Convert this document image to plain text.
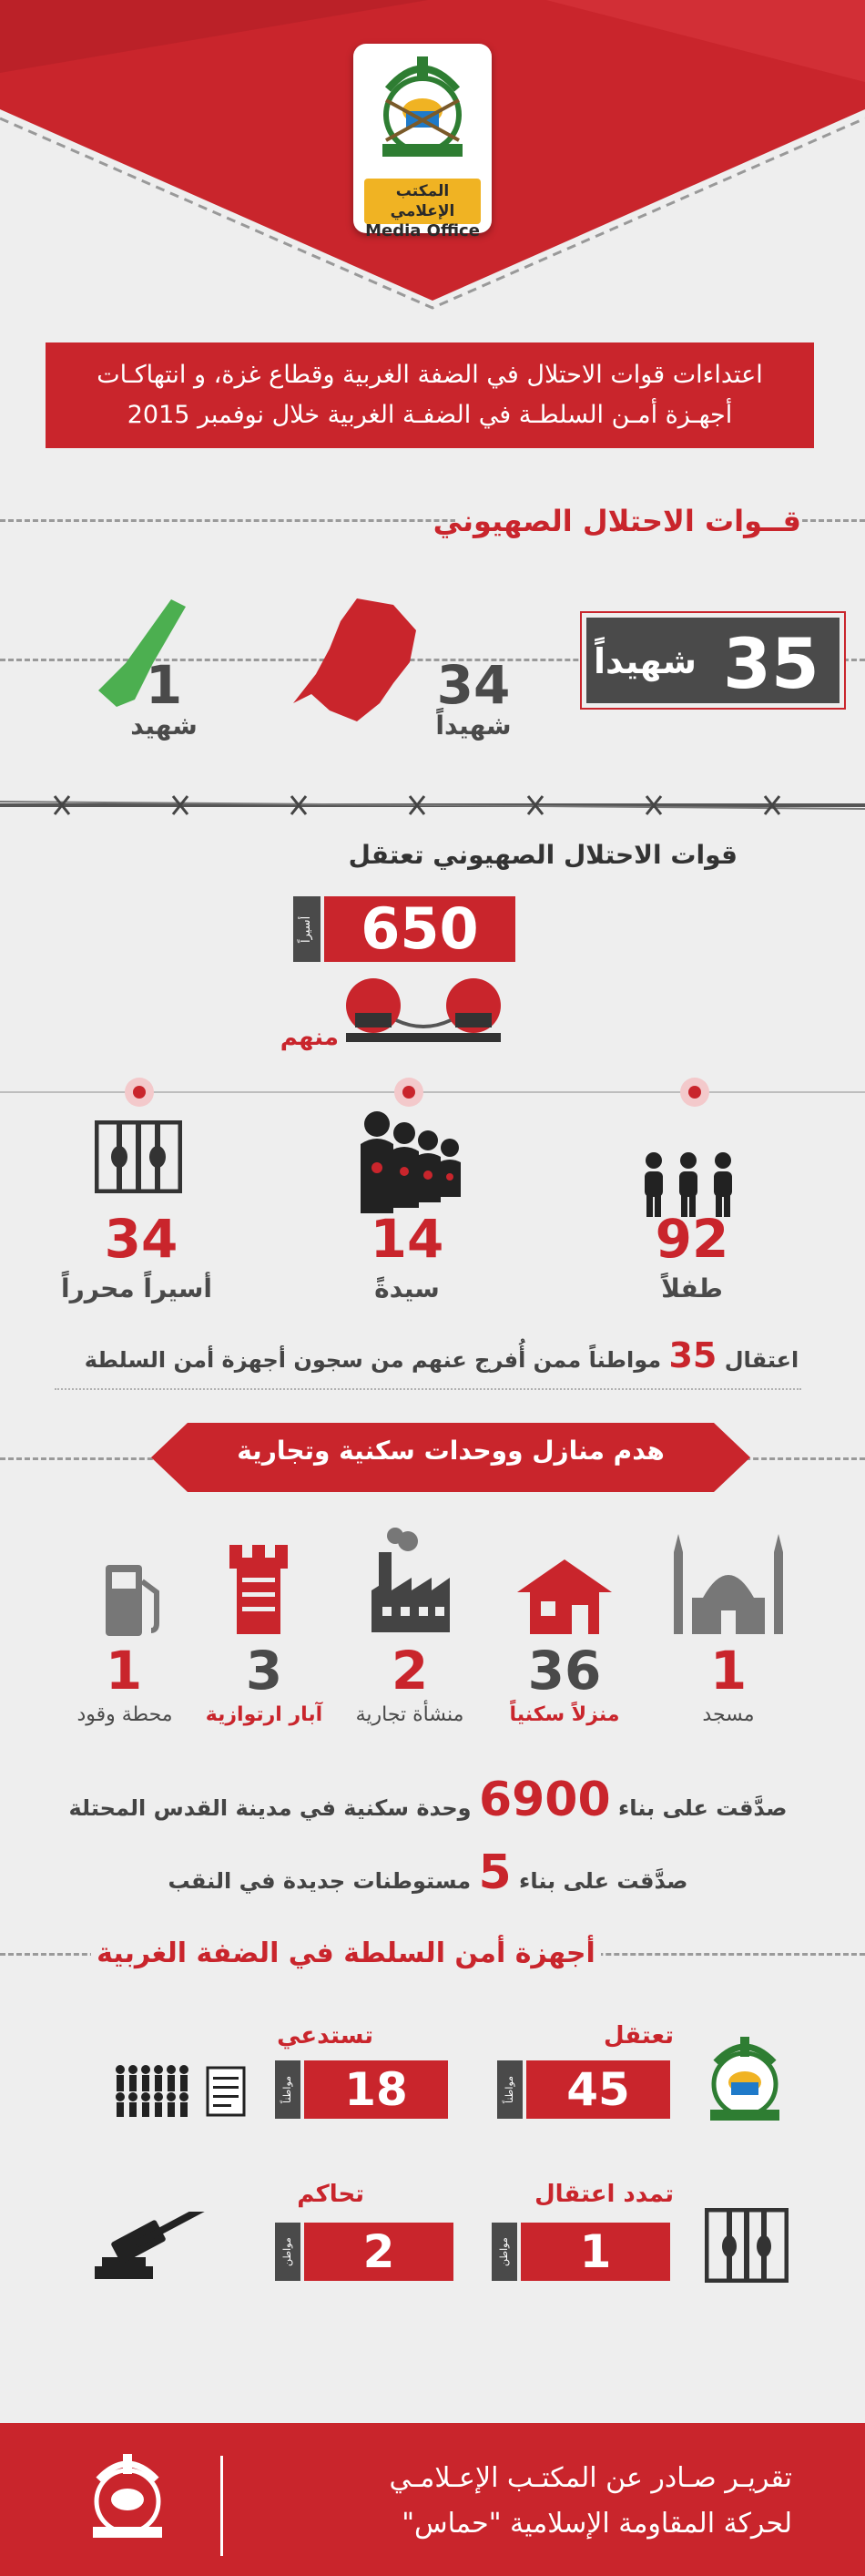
المكتب الإعلامي
Media Office
اعتداءات قوات الاحتلال في الضفة الغربية وقطاع غزة، و انتهاكـات
أجهـزة أمـن السلطـة في الضفـة الغربية خلال نوفمبر 2015
قــوات الاحتلال الصهيوني
35
شهيداً
34
شهيداً
1
شهيد
قوات الاحتلال الصهيوني تعتقل
أسيراً 650
منهم
34
أسيراً محرراً
14
سيدةً
92
طفلاً
اعتقال 35 مواطناً ممن أُفرج عنهم من سجون أجهزة أمن السلطة
هدم منازل ووحدات سكنية وتجارية
1
مسجد
36
منزلاً سكنياً
2
منشأة تجارية
3
آبار ارتوازية
1
محطة وقود
صدَّقت على بناء 6900 وحدة سكنية في مدينة القدس المحتلة
صدَّقت على بناء 5 مستوطنات جديدة في النقب
أجهزة أمن السلطة في الضفة الغربية
تعتقل
مواطناً	45
تستدعي
مواطناً	18
تمدد اعتقال
مواطن	1
تحاكم
مواطن	2
تقريـر صـادر عن المكتـب الإعـلامـي
لحركة المقاومة الإسلامية "حماس"
